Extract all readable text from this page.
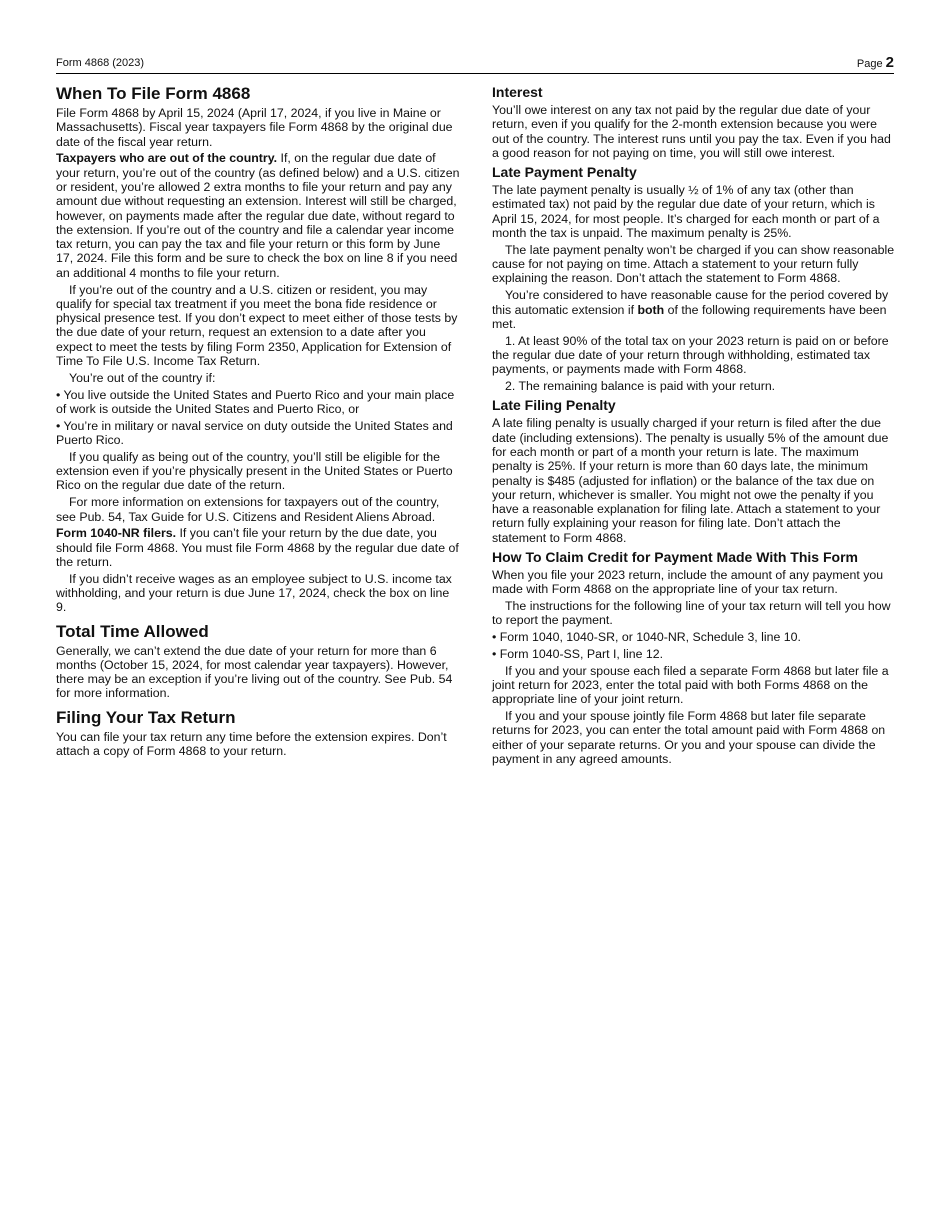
Form 4868 (2023)	Page 2
When To File Form 4868

File Form 4868 by April 15, 2024 (April 17, 2024, if you live in Maine or Massachusetts). Fiscal year taxpayers file Form 4868 by the original due date of the fiscal year return.

Taxpayers who are out of the country. If, on the regular due date of your return, you’re out of the country (as defined below) and a U.S. citizen or resident, you’re allowed 2 extra months to file your return and pay any amount due without requesting an extension. Interest will still be charged, however, on payments made after the regular due date, without regard to the extension. If you’re out of the country and file a calendar year income tax return, you can pay the tax and file your return or this form by June 17, 2024. File this form and be sure to check the box on line 8 if you need an additional 4 months to file your return.

If you’re out of the country and a U.S. citizen or resident, you may qualify for special tax treatment if you meet the bona fide residence or physical presence test. If you don’t expect to meet either of those tests by the due date of your return, request an extension to a date after you expect to meet the tests by filing Form 2350, Application for Extension of Time To File U.S. Income Tax Return.

You’re out of the country if:

• You live outside the United States and Puerto Rico and your main place of work is outside the United States and Puerto Rico, or

• You’re in military or naval service on duty outside the United States and Puerto Rico.

If you qualify as being out of the country, you’ll still be eligible for the extension even if you’re physically present in the United States or Puerto Rico on the regular due date of the return.

For more information on extensions for taxpayers out of the country, see Pub. 54, Tax Guide for U.S. Citizens and Resident Aliens Abroad.

Form 1040-NR filers. If you can’t file your return by the due date, you should file Form 4868. You must file Form 4868 by the regular due date of the return.

If you didn’t receive wages as an employee subject to U.S. income tax withholding, and your return is due June 17, 2024, check the box on line 9.

Total Time Allowed

Generally, we can’t extend the due date of your return for more than 6 months (October 15, 2024, for most calendar year taxpayers). However, there may be an exception if you’re living out of the country. See Pub. 54 for more information.

Filing Your Tax Return

You can file your tax return any time before the extension expires. Don’t attach a copy of Form 4868 to your return.

Interest

You’ll owe interest on any tax not paid by the regular due date of your return, even if you qualify for the 2-month extension because you were out of the country. The interest runs until you pay the tax. Even if you had a good reason for not paying on time, you will still owe interest.

Late Payment Penalty

The late payment penalty is usually ½ of 1% of any tax (other than estimated tax) not paid by the regular due date of your return, which is April 15, 2024, for most people. It’s charged for each month or part of a month the tax is unpaid. The maximum penalty is 25%.

The late payment penalty won’t be charged if you can show reasonable cause for not paying on time. Attach a statement to your return fully explaining the reason. Don’t attach the statement to Form 4868.

You’re considered to have reasonable cause for the period covered by this automatic extension if both of the following requirements have been met.

1. At least 90% of the total tax on your 2023 return is paid on or before the regular due date of your return through withholding, estimated tax payments, or payments made with Form 4868.

2. The remaining balance is paid with your return.

Late Filing Penalty

A late filing penalty is usually charged if your return is filed after the due date (including extensions). The penalty is usually 5% of the amount due for each month or part of a month your return is late. The maximum penalty is 25%. If your return is more than 60 days late, the minimum penalty is $485 (adjusted for inflation) or the balance of the tax due on your return, whichever is smaller. You might not owe the penalty if you have a reasonable explanation for filing late. Attach a statement to your return fully explaining your reason for filing late. Don’t attach the statement to Form 4868.

How To Claim Credit for Payment Made With This Form

When you file your 2023 return, include the amount of any payment you made with Form 4868 on the appropriate line of your tax return.

The instructions for the following line of your tax return will tell you how to report the payment.

• Form 1040, 1040-SR, or 1040-NR, Schedule 3, line 10.

• Form 1040-SS, Part I, line 12.

If you and your spouse each filed a separate Form 4868 but later file a joint return for 2023, enter the total paid with both Forms 4868 on the appropriate line of your joint return.

If you and your spouse jointly file Form 4868 but later file separate returns for 2023, you can enter the total amount paid with Form 4868 on either of your separate returns. Or you and your spouse can divide the payment in any agreed amounts.
